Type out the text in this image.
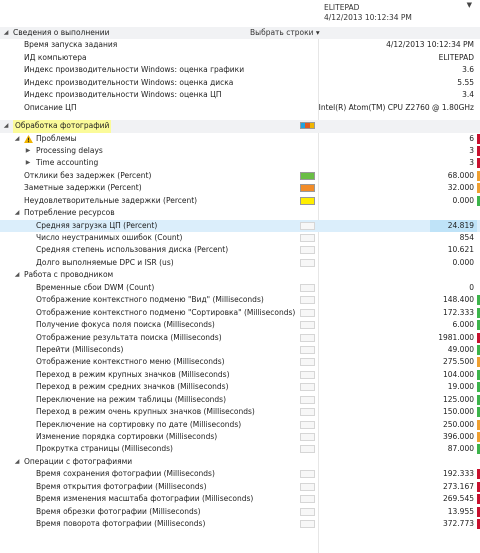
ELITEPAD
4/12/2013 10:12:34 PM
▼
◢ Сведения о выполнении	Выбрать строки ▾
Время запуска задания	4/12/2013 10:12:34 PM
ИД компьютера	ELITEPAD
Индекс производительности Windows: оценка графики	3.6
Индекс производительности Windows: оценка диска	5.55
Индекс производительности Windows: оценка ЦП	3.4
Описание ЦП	Intel(R) Atom(TM) CPU Z2760 @ 1.80GHz
◢ Обработка фотографий
◢ Проблемы	6
▶ Processing delays	3
▶ Time accounting	3
Отклики без задержек (Percent)	68.000
Заметные задержки (Percent)	32.000
Неудовлетворительные задержки (Percent)	0.000
◢ Потребление ресурсов
Средняя загрузка ЦП (Percent)	24.819
Число неустранимых ошибок (Count)	854
Средняя степень использования диска (Percent)	10.621
Долго выполняемые DPC и ISR (us)	0.000
◢ Работа с проводником
Временные сбои DWM (Count)	0
Отображение контекстного подменю "Вид" (Milliseconds)	148.400
Отображение контекстного подменю "Сортировка" (Milliseconds)	172.333
Получение фокуса поля поиска (Milliseconds)	6.000
Отображение результата поиска (Milliseconds)	1981.000
Перейти (Milliseconds)	49.000
Отображение контекстного меню (Milliseconds)	275.500
Переход в режим крупных значков (Milliseconds)	104.000
Переход в режим средних значков (Milliseconds)	19.000
Переключение на режим таблицы (Milliseconds)	125.000
Переход в режим очень крупных значков (Milliseconds)	150.000
Переключение на сортировку по дате (Milliseconds)	250.000
Изменение порядка сортировки (Milliseconds)	396.000
Прокрутка страницы (Milliseconds)	87.000
◢ Операции с фотографиями
Время сохранения фотографии (Milliseconds)	192.333
Время открытия фотографии (Milliseconds)	273.167
Время изменения масштаба фотографии (Milliseconds)	269.545
Время обрезки фотографии (Milliseconds)	13.955
Время поворота фотографии (Milliseconds)	372.773
